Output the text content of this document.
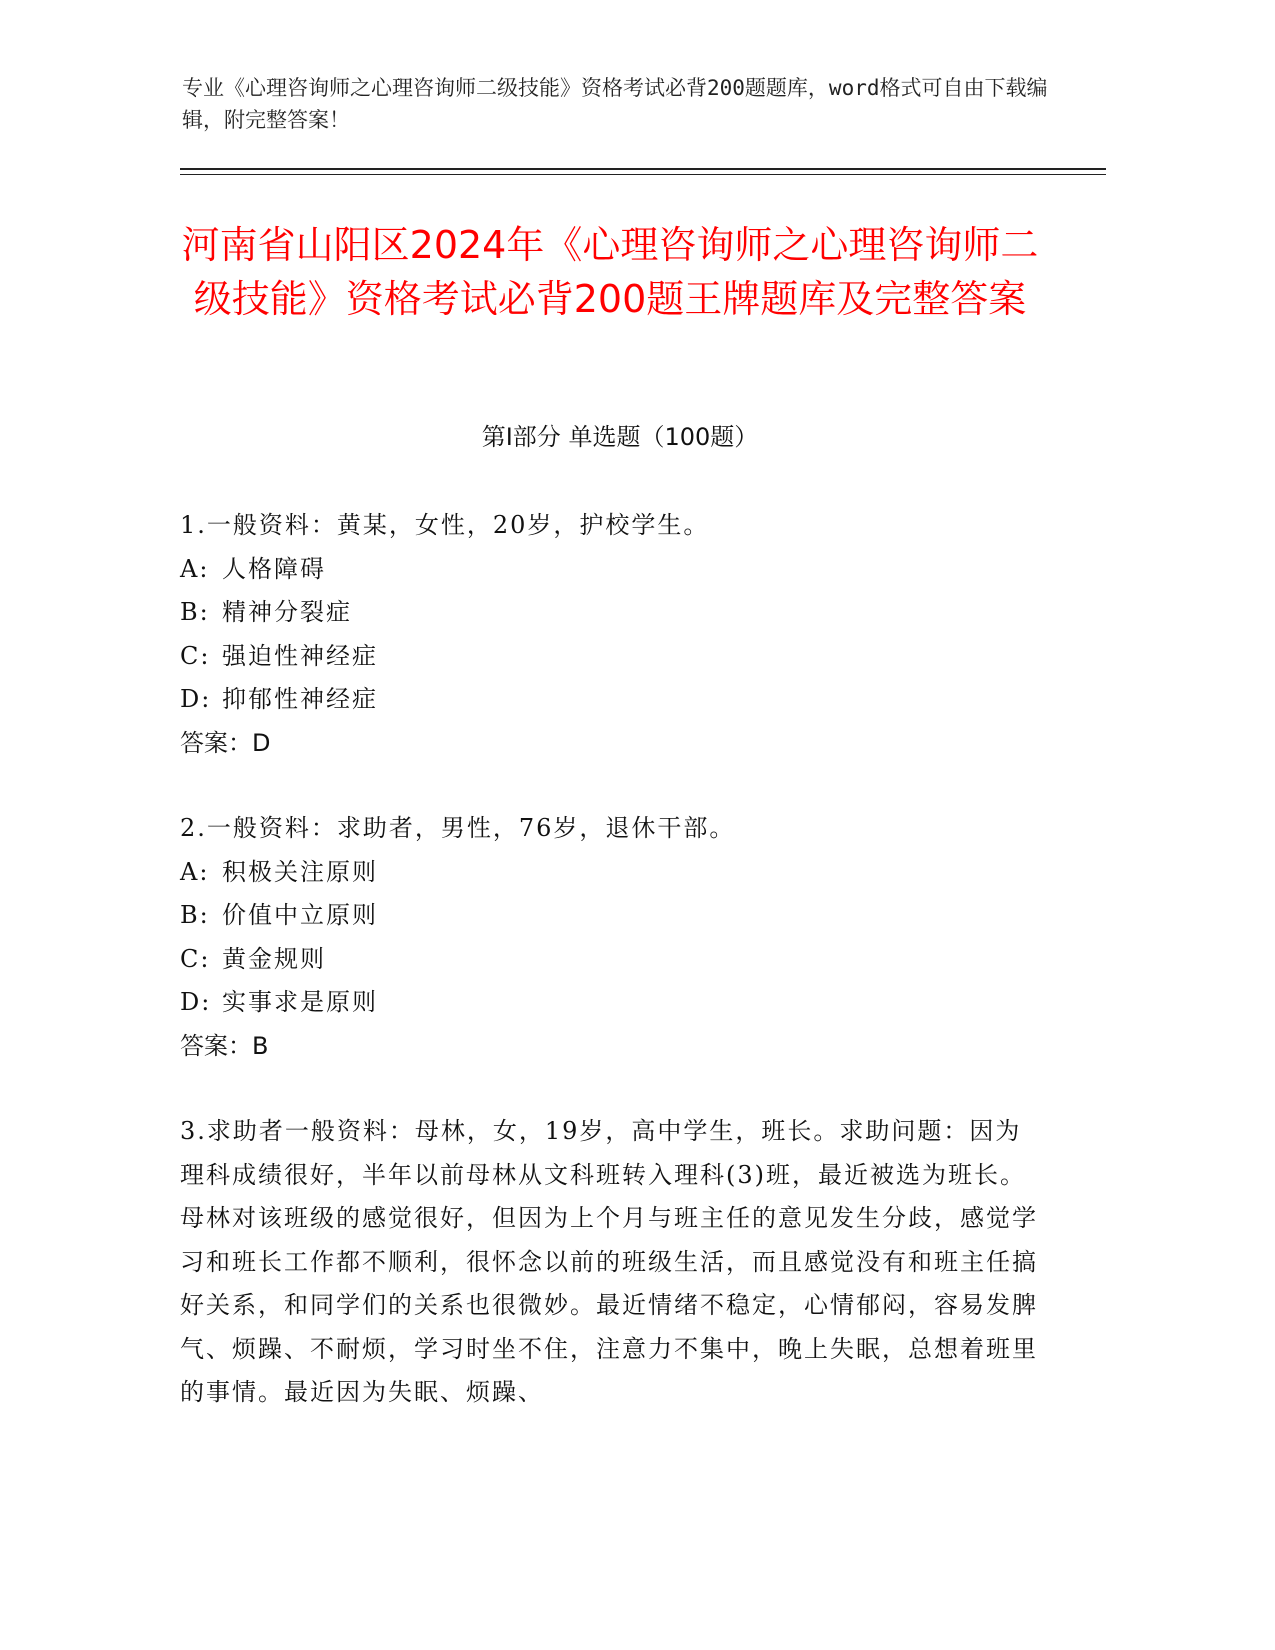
专业《心理咨询师之心理咨询师二级技能》资格考试必背200题题库，word格式可自由下载编辑，附完整答案！
河南省山阳区2024年《心理咨询师之心理咨询师二级技能》资格考试必背200题王牌题库及完整答案
第Ⅰ部分 单选题（100题）
1.一般资料：黄某，女性，20岁，护校学生。
A: 人格障碍
B: 精神分裂症
C: 强迫性神经症
D: 抑郁性神经症
答案：D
2.一般资料：求助者，男性，76岁，退休干部。
A: 积极关注原则
B: 价值中立原则
C: 黄金规则
D: 实事求是原则
答案：B
3.求助者一般资料：母林，女，19岁，高中学生，班长。求助问题：因为理科成绩很好，半年以前母林从文科班转入理科(3)班，最近被选为班长。母林对该班级的感觉很好，但因为上个月与班主任的意见发生分歧，感觉学习和班长工作都不顺利，很怀念以前的班级生活，而且感觉没有和班主任搞好关系，和同学们的关系也很微妙。最近情绪不稳定，心情郁闷，容易发脾气、烦躁、不耐烦，学习时坐不住，注意力不集中，晚上失眠，总想着班里的事情。最近因为失眠、烦躁、
